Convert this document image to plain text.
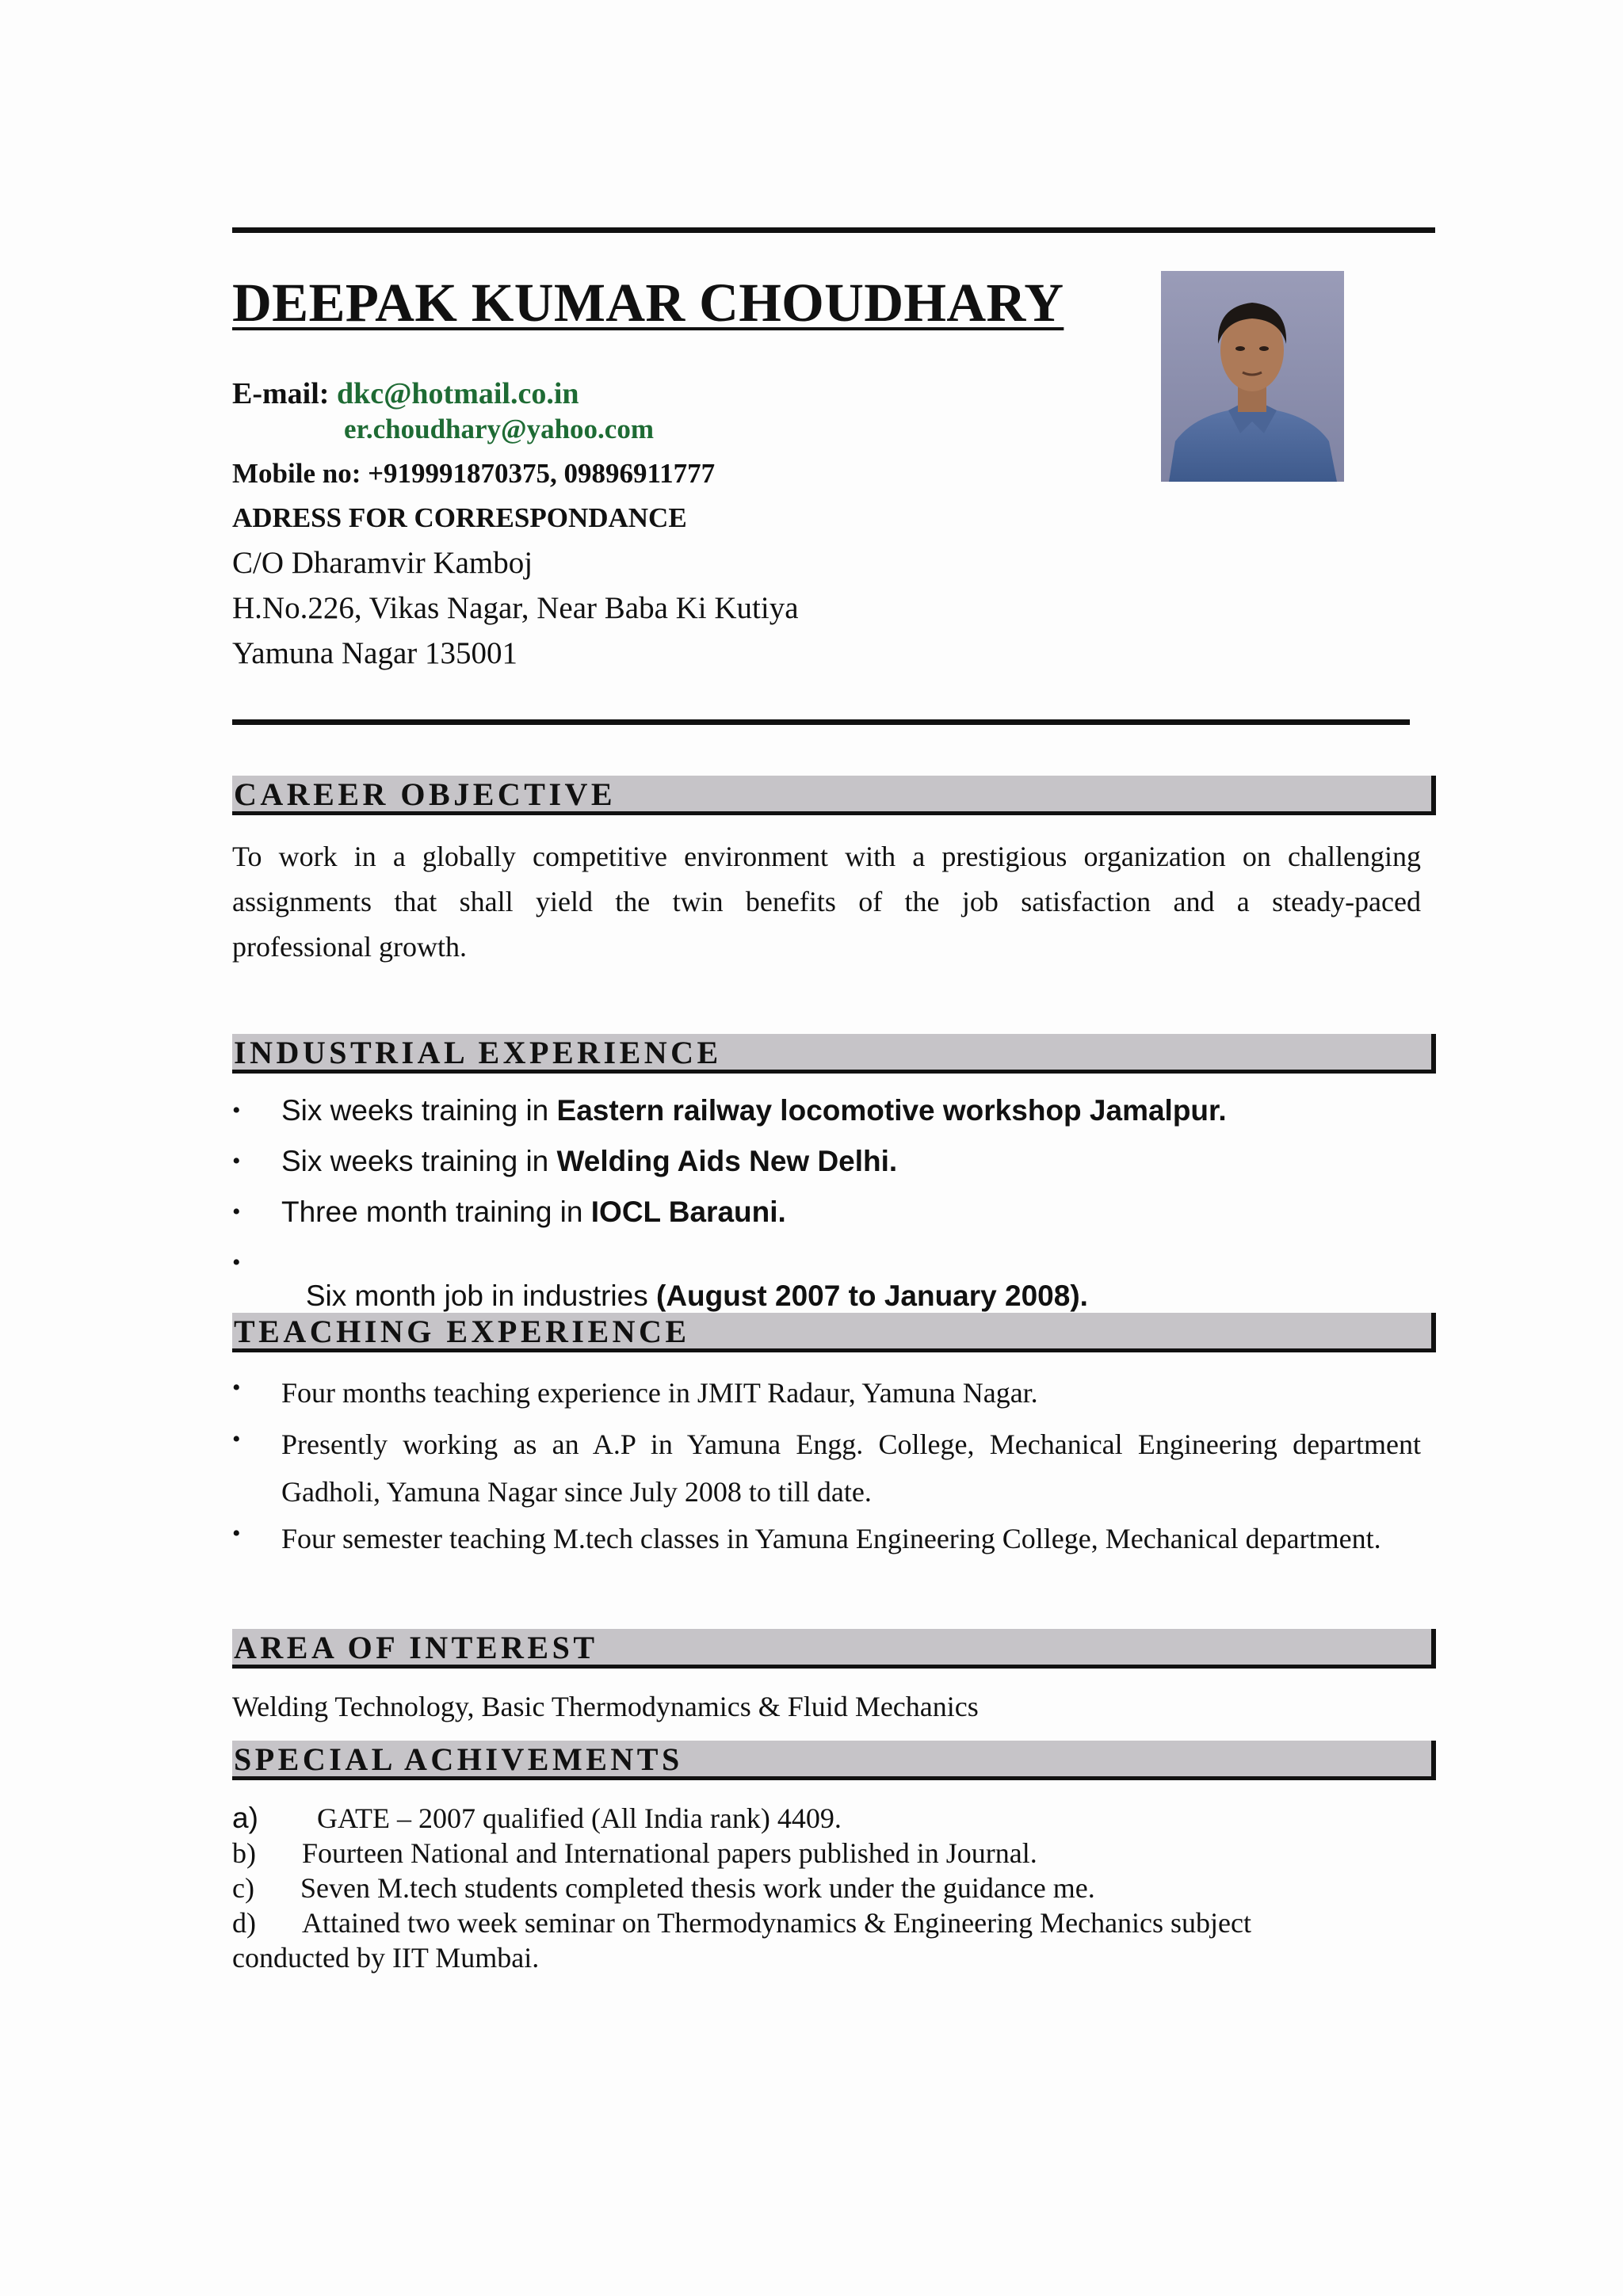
DEEPAK KUMAR CHOUDHARY
E-mail: dkc@hotmail.co.in
er.choudhary@yahoo.com
Mobile no: +919991870375, 09896911777
ADRESS FOR CORRESPONDANCE
C/O Dharamvir Kamboj
H.No.226, Vikas Nagar, Near Baba Ki Kutiya
Yamuna Nagar 135001
CAREER OBJECTIVE
To work in a globally competitive environment with a prestigious organization on challenging
assignments that shall yield the twin benefits of the job satisfaction and a steady-paced
professional growth.
INDUSTRIAL EXPERIENCE
• Six weeks training in Eastern railway locomotive workshop Jamalpur.
• Six weeks training in Welding Aids New Delhi.
• Three month training in IOCL Barauni.
•

Six month job in industries (August 2007 to January 2008).

TEACHING EXPERIENCE
• Four months teaching experience in JMIT Radaur, Yamuna Nagar.
• Presently working as an A.P in Yamuna Engg. College, Mechanical Engineering department Gadholi, Yamuna Nagar since July 2008 to till date.
• Four semester teaching M.tech classes in Yamuna Engineering College, Mechanical department.
AREA OF INTEREST
Welding Technology, Basic Thermodynamics & Fluid Mechanics
SPECIAL ACHIVEMENTS
a) GATE – 2007 qualified (All India rank) 4409.
b) Fourteen National and International papers published in Journal.
c) Seven M.tech students completed thesis work under the guidance me.
d) Attained two week seminar on Thermodynamics & Engineering Mechanics subject
conducted by IIT Mumbai.
